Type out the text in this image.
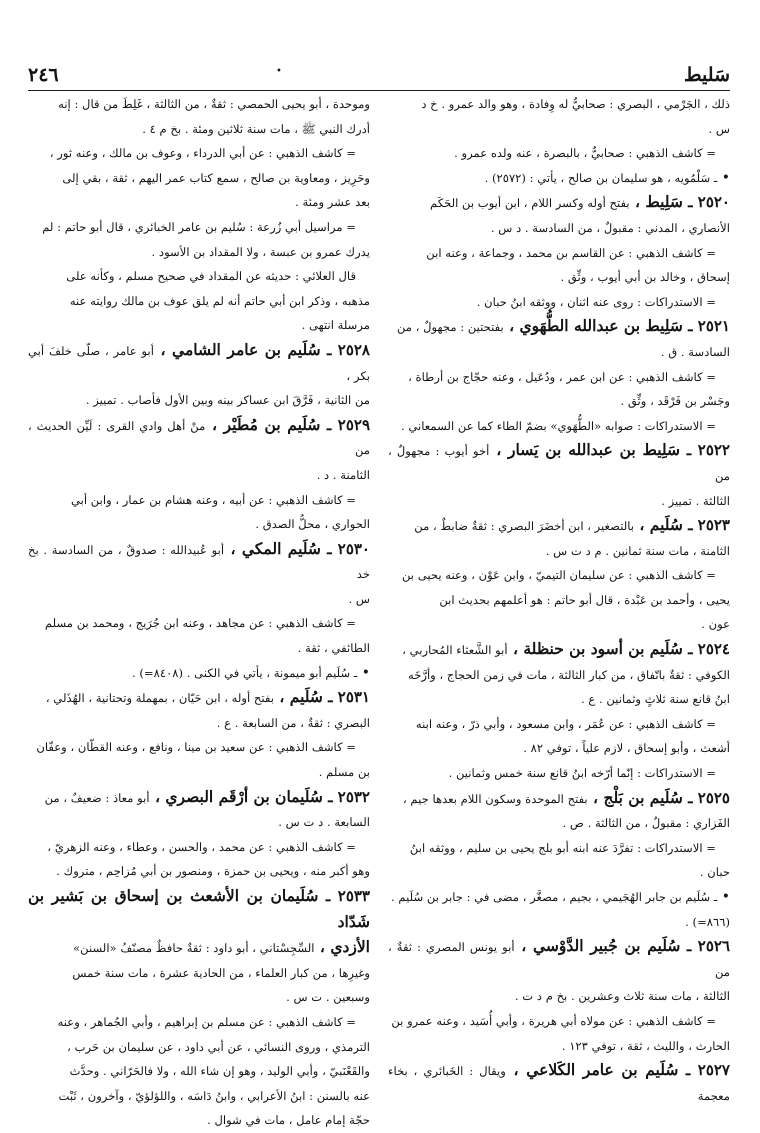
سَليط
•
٢٤٦

ذلك ، الجَرْمي ، البصري : صحابيٌّ له وِفادة ، وهو والد عمرو . خ د

س .

= كاشف الذهبي : صحابيٌّ ، بالبصرة ، عنه ولده عمرو .

• ـ سَلْمُويه ، هو سليمان بن صالح ، يأتي : (٢٥٧٢) .

٢٥٢٠ ـ سَلِيط ، بفتح أوله وكسر اللام ، ابن أيوب بن الحَكَم

الأنصاري ، المدني : مقبولٌ ، من السادسة . د س .

= كاشف الذهبي : عن القاسم بن محمد ، وجماعة ، وعنه ابن

إسحاق ، وخالد بن أبي أيوب ، وثِّق .

= الاستدراكات : روى عنه اثنان ، ووثقه ابنُ حبان .

٢٥٢١ ـ سَلِيط بن عبدالله الطُّهَوي ، بفتحتين : مجهولٌ ، من

السادسة . ق .

= كاشف الذهبي : عن ابن عمر ، ودُعَيل ، وعنه حجّاج بن أرطاة ،

وجَسْر بن فَرْقَد ، وثِّق .

= الاستدراكات : صوابه «الطُّهَوي» بضمّ الطاء كما عن السمعاني .

٢٥٢٢ ـ سَلِيط بن عبدالله بن يَسار ، أخو أيوب : مجهولٌ ، من

الثالثة . تمييز .

٢٥٢٣ ـ سُلَيم ، بالتصغير ، ابن أخضَرَ البصري : ثقةٌ ضابطٌ ، من

الثامنة ، مات سنة ثمانين . م د ت س .

= كاشف الذهبي : عن سليمان التيميّ ، وابن عَوْن ، وعنه يحيى بن

يحيى ، وأحمد بن عَبْدة ، قال أبو حاتم : هو أعلمهم بحديث ابن

عون .

٢٥٢٤ ـ سُلَيم بن أسود بن حنظلة ، أبو الشَّعثاء المُحاربي ،

الكوفي : ثقةٌ باتّفاق ، من كبار الثالثة ، مات في زمن الحجاج ، وأرَّخَه

ابنُ قانع سنة ثلاثٍ وثمانين . ع .

= كاشف الذهبي : عن عُمَر ، وابن مسعود ، وأبي ذرّ ، وعنه ابنه

أشعث ، وأبو إسحاق ، لازم علياً ، توفي ٨٢ .

= الاستدراكات : إنّما أرّخه ابنُ قانع سنة خمس وثمانين .

٢٥٢٥ ـ سُلَيم بن بَلْج ، بفتح الموحدة وسكون اللام بعدها جيم ،

الفَزاري : مقبولٌ ، من الثالثة . ص .

= الاستدراكات : تفرَّدَ عنه ابنه أبو بلج يحيى بن سليم ، ووثقه ابنُ

حبان .

• ـ سُلَيم بن جابر الهُجَيمي ، بجيم ، مصغَّر ، مضى في : جابر بن سُلَيم .

(٨٦٦=) .

٢٥٢٦ ـ سُلَيم بن جُبير الدَّوْسي ، أبو يونس المصري : ثقةٌ ، من

الثالثة ، مات سنة ثلاث وعشرين . بخ م د ت .

= كاشف الذهبي : عن مولاه أبي هريرة ، وأبي أُسَيد ، وعنه عمرو بن

الحارث ، والليث ، ثقة ، توفي ١٢٣ .

٢٥٢٧ ـ سُلَيم بن عامر الكَلاعي ، ويقال : الخَبائري ، بخاء معجمة

وموحدة ، أبو يحيى الحمصي : ثقةٌ ، من الثالثة ، غَلِطَ من قال : إنه

أدرك النبي ﷺ ، مات سنة ثلاثين ومئة . بخ م ٤ .

= كاشف الذهبي : عن أبي الدرداء ، وعوف بن مالك ، وعنه ثور ،

وحَرِيز ، ومعاوية بن صالح ، سمع كتاب عمر اليهم ، ثقة ، بقي إلى

بعد عشر ومئة .

= مراسيل أبي زُرعة : سُليم بن عامر الخبائري ، قال أبو حاتم : لم

يدرك عمرو بن عبسة ، ولا المقداد بن الأسود .

قال العلائي : حديثه عن المقداد في صحيح مسلم ، وكأنه على

مذهبه ، وذكر ابن أبي حاتم أنه لم يلق عوف بن مالك روايته عنه

مرسلة انتهى .

٢٥٢٨ ـ سُلَيم بن عامر الشامي ، أبو عامر ، صلّى خلفَ أبي بكر ،

من الثانية ، فَرَّقَ ابن عساكر بينه وبين الأول فأصاب . تمييز .

٢٥٢٩ ـ سُلَيم بن مُطَيْر ، منْ أهل وادي القرى : لَيِّن الحديث ، من

الثامنة . د .

= كاشف الذهبي : عن أبيه ، وعنه هشام بن عمار ، وابن أبي

الحواري ، محلُّ الصدق .

٢٥٣٠ ـ سُلَيم المكي ، أبو عُبيدالله : صدوقٌ ، من السادسة . بخ خد

س .

= كاشف الذهبي : عن مجاهد ، وعنه ابن جُرَيج ، ومحمد بن مسلم

الطائفي ، ثقة .

• ـ سُلَيم أبو ميمونة ، يأتي في الكنى . (٨٤٠٨=) .

٢٥٣١ ـ سُلَيم ، بفتح أوله ، ابن حَيّان ، بمهملة وتحتانية ، الهُذَلي ،

البصري : ثقةٌ ، من السابعة . ع .

= كاشف الذهبي : عن سعيد بن مينا ، ونافع ، وعنه القطّان ، وعفّان

بن مسلم .

٢٥٣٢ ـ سُلَيمان بن أرْقَم البصري ، أبو معاذ : ضعيفٌ ، من

السابعة . د ت س .

= كاشف الذهبي : عن محمد ، والحسن ، وعطاء ، وعنه الزهريّ ،

وهو أكبر منه ، ويحيى بن حمزة ، ومنصور بن أبي مُزاحِم ، متروك .

٢٥٣٣ ـ سُلَيمان بن الأشعث بن إسحاق بن بَشير بن شَدّاد

الأزدي ، السِّجِسْتاني ، أبو داود : ثقةٌ حافظٌ مصنّفُ «السنن»

وغيرِها ، من كبار العلماء ، من الحادية عشرة ، مات سنة خمس

وسبعين . ت س .

= كاشف الذهبي : عن مسلم بن إبراهيم ، وأبي الجُماهر ، وعنه

الترمذي ، وروى النسائي ، عن أبي داود ، عن سليمان بن حَرب ،

والقَعْنَبيّ ، وأبي الوليد ، وهو إن شاء الله ، ولا فالحَرّاني . وحدَّث

عنه بالسنن : ابنُ الأعرابي ، وابنُ دَاسَه ، واللؤلؤيّ ، وآخرون ، ثَبْت

حجّة إمام عامل ، مات في شوال .
